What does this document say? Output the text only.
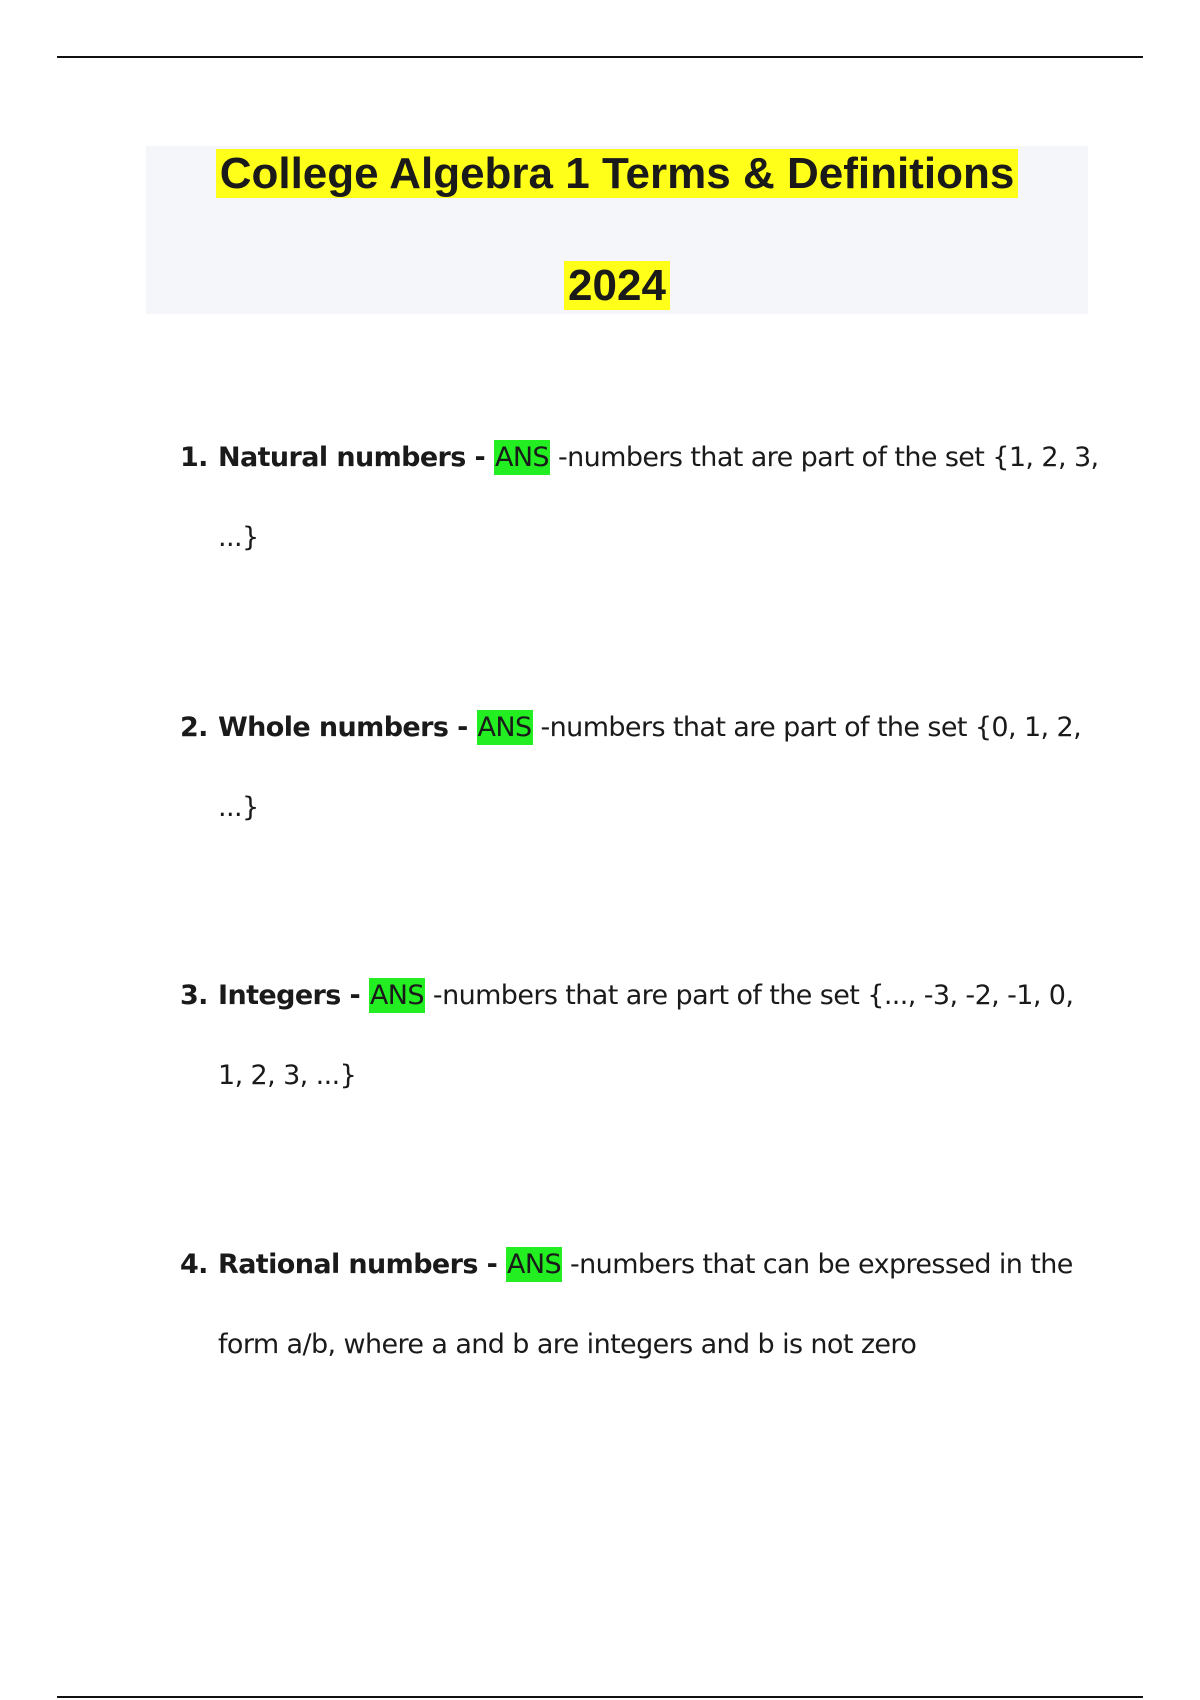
College Algebra 1 Terms & Definitions
2024
1. Natural numbers - ANS -numbers that are part of the set {1, 2, 3, ...}
2. Whole numbers - ANS -numbers that are part of the set {0, 1, 2, ...}
3. Integers - ANS -numbers that are part of the set {..., -3, -2, -1, 0, 1, 2, 3, ...}
4. Rational numbers - ANS -numbers that can be expressed in the form a/b, where a and b are integers and b is not zero
